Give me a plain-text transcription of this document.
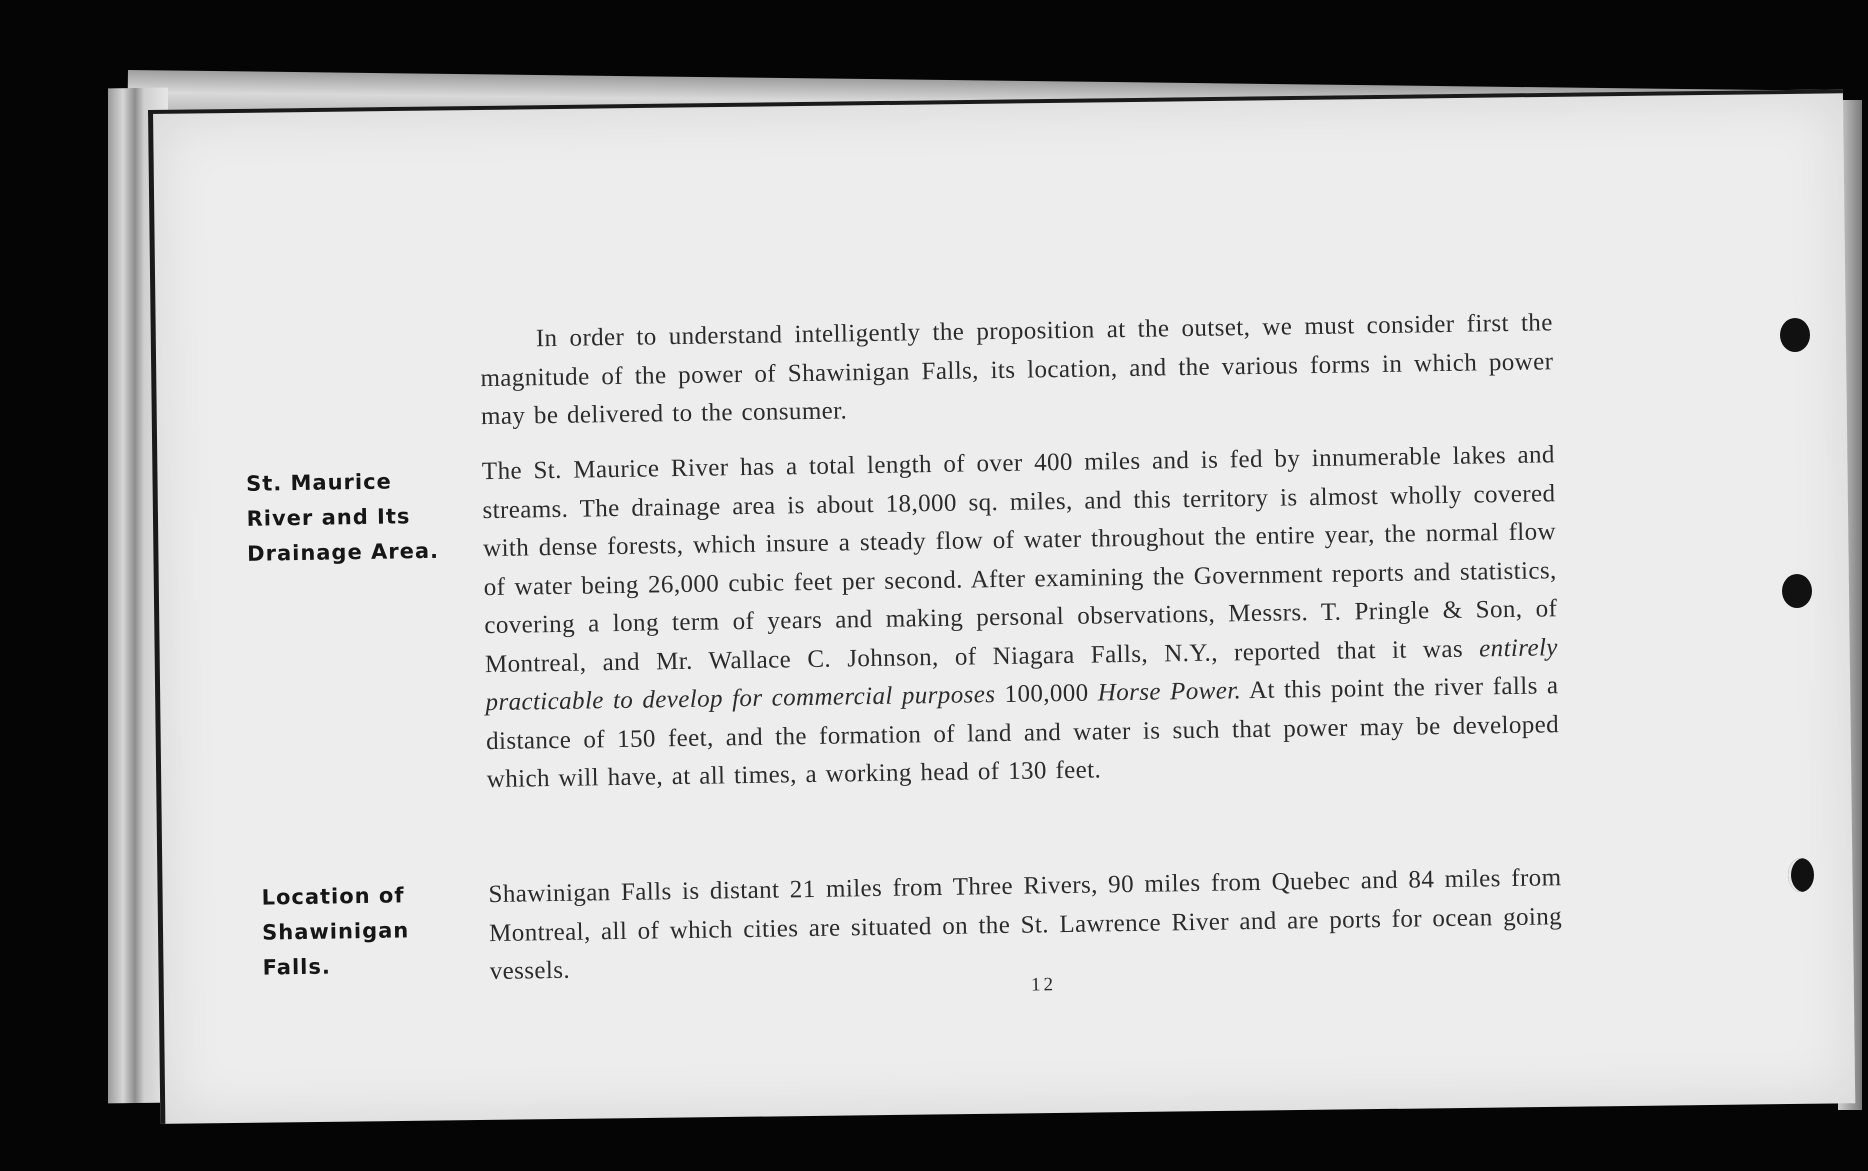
In order to understand intelligently the proposition at the outset, we must consider first the magnitude of the power of Shawinigan Falls, its location, and the various forms in which power may be delivered to the consumer.
St. Maurice
River and Its
Drainage Area.
The St. Maurice River has a total length of over 400 miles and is fed by innumerable lakes and streams. The drainage area is about 18,000 sq. miles, and this territory is almost wholly covered with dense forests, which insure a steady flow of water throughout the entire year, the normal flow of water being 26,000 cubic feet per second. After examining the Government reports and statistics, covering a long term of years and making personal observations, Messrs. T. Pringle & Son, of Montreal, and Mr. Wallace C. Johnson, of Niagara Falls, N.Y., reported that it was entirely practicable to develop for commercial purposes 100,000 Horse Power. At this point the river falls a distance of 150 feet, and the formation of land and water is such that power may be developed which will have, at all times, a working head of 130 feet.
Location of
Shawinigan
Falls.
Shawinigan Falls is distant 21 miles from Three Rivers, 90 miles from Quebec and 84 miles from Montreal, all of which cities are situated on the St. Lawrence River and are ports for ocean going vessels.	12
